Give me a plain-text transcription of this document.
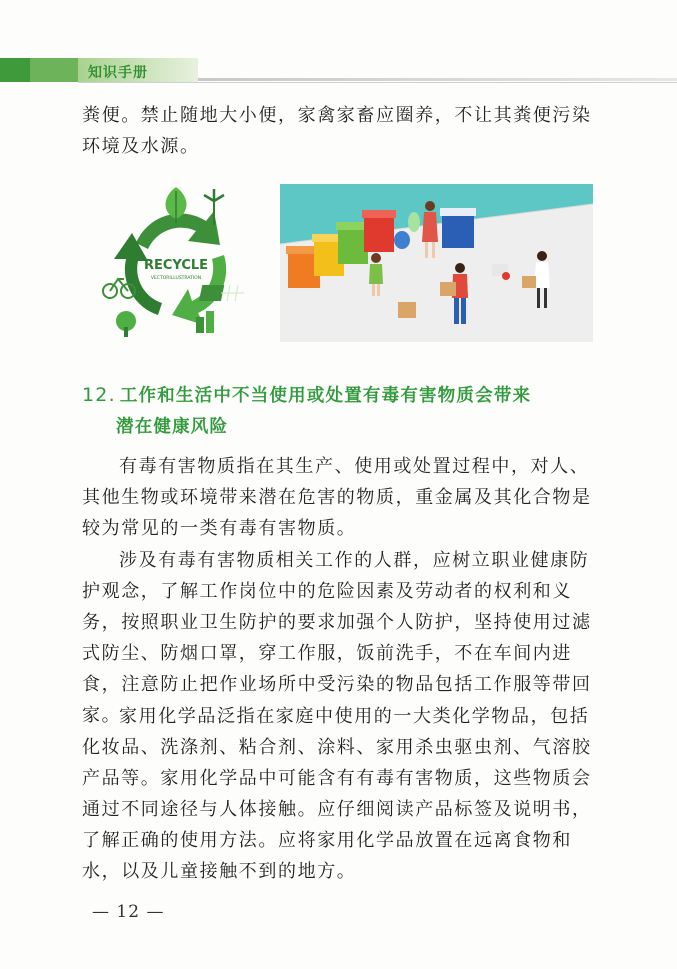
知识手册

粪便。禁止随地大小便，家禽家畜应圈养，不让其粪便污染环境及水源。

RECYCLE
VECTORILLUSTRATION
12. 工作和生活中不当使用或处置有毒有害物质会带来
潜在健康风险

有毒有害物质指在其生产、使用或处置过程中，对人、其他生物或环境带来潜在危害的物质，重金属及其化合物是较为常见的一类有毒有害物质。

涉及有毒有害物质相关工作的人群，应树立职业健康防护观念，了解工作岗位中的危险因素及劳动者的权利和义务，按照职业卫生防护的要求加强个人防护，坚持使用过滤式防尘、防烟口罩，穿工作服，饭前洗手，不在车间内进食，注意防止把作业场所中受污染的物品包括工作服等带回家。

家用化学品泛指在家庭中使用的一大类化学物品，包括化妆品、洗涤剂、粘合剂、涂料、家用杀虫驱虫剂、气溶胶产品等。家用化学品中可能含有有毒有害物质，这些物质会通过不同途径与人体接触。应仔细阅读产品标签及说明书，了解正确的使用方法。应将家用化学品放置在远离食物和水，以及儿童接触不到的地方。

— 12 —
